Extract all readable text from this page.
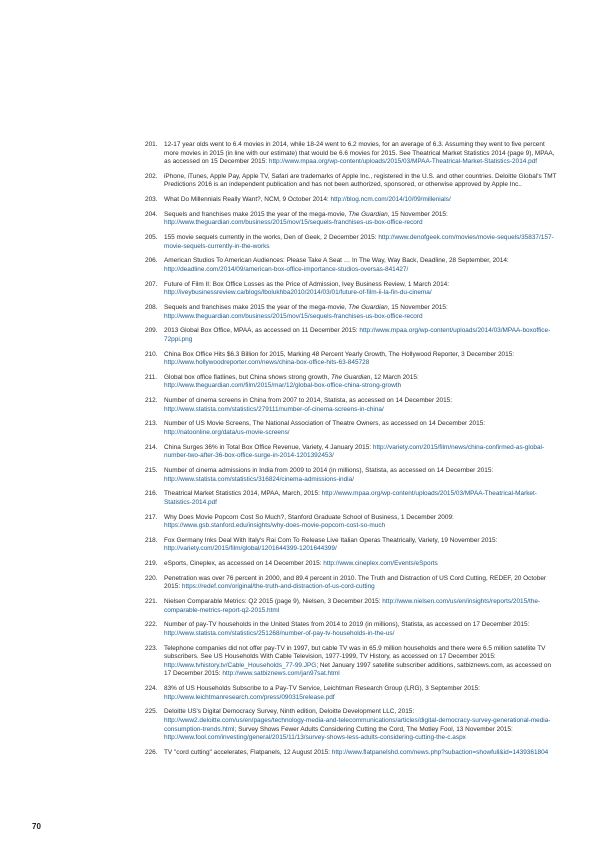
201.	12-17 year olds went to 6.4 movies in 2014, while 18-24 went to 6.2 movies, for an average of 6.3. Assuming they went to five percent more movies in 2015 (in line with our estimate) that would be 6.6 movies for 2015. See Theatrical Market Statistics 2014 (page 9), MPAA, as accessed on 15 December 2015: http://www.mpaa.org/wp-content/uploads/2015/03/MPAA-Theatrical-Market-Statistics-2014.pdf
202.	iPhone, iTunes, Apple Pay, Apple TV, Safari are trademarks of Apple Inc., registered in the U.S. and other countries. Deloitte Global's TMT Predictions 2016 is an independent publication and has not been authorized, sponsored, or otherwise approved by Apple Inc..
203.	What Do Millennials Really Want?, NCM, 9 October 2014: http://blog.ncm.com/2014/10/09/millenials/
204.	Sequels and franchises make 2015 the year of the mega-movie, The Guardian, 15 November 2015: http://www.theguardian.com/business/2015/nov/15/sequels-franchises-us-box-office-record
205.	155 movie sequels currently in the works, Den of Geek, 2 December 2015: http://www.denofgeek.com/movies/movie-sequels/35837/157-movie-sequels-currently-in-the-works
206.	American Studios To American Audiences: Please Take A Seat … In The Way, Way Back, Deadline, 28 September, 2014: http://deadline.com/2014/09/american-box-office-importance-studios-oversas-841427/
207.	Future of Film II: Box Office Losses as the Price of Admission, Ivey Business Review, 1 March 2014: http://iveybusinessreview.ca/blogs/lbolukhba2010/2014/03/01/future-of-film-ii-la-fin-du-cinema/
208.	Sequels and franchises make 2015 the year of the mega-movie, The Guardian, 15 November 2015: http://www.theguardian.com/business/2015/nov/15/sequels-franchises-us-box-office-record
209.	2013 Global Box Office, MPAA, as accessed on 11 December 2015: http://www.mpaa.org/wp-content/uploads/2014/03/MPAA-boxoffice-72ppi.png
210.	China Box Office Hits $6.3 Billion for 2015, Marking 48 Percent Yearly Growth, The Hollywood Reporter, 3 December 2015: http://www.hollywoodreporter.com/news/china-box-office-hits-63-845728
211.	Global box office flatlines, but China shows strong growth, The Guardian, 12 March 2015: http://www.theguardian.com/film/2015/mar/12/global-box-office-china-strong-growth
212.	Number of cinema screens in China from 2007 to 2014, Statista, as accessed on 14 December 2015: http://www.statista.com/statistics/279111/number-of-cinema-screens-in-china/
213.	Number of US Movie Screens, The National Association of Theatre Owners, as accessed on 14 December 2015: http://natoonline.org/data/us-movie-screens/
214.	China Surges 36% in Total Box Office Revenue, Variety, 4 January 2015: http://variety.com/2015/film/news/china-confirmed-as-global-number-two-after-36-box-office-surge-in-2014-1201392453/
215.	Number of cinema admissions in India from 2009 to 2014 (in millions), Statista, as accessed on 14 December 2015: http://www.statista.com/statistics/316824/cinema-admissions-india/
216.	Theatrical Market Statistics 2014, MPAA, March, 2015: http://www.mpaa.org/wp-content/uploads/2015/03/MPAA-Theatrical-Market-Statistics-2014.pdf
217.	Why Does Movie Popcorn Cost So Much?, Stanford Graduate School of Business, 1 December 2009: https://www.gsb.stanford.edu/insights/why-does-movie-popcorn-cost-so-much
218.	Fox Germany Inks Deal With Italy's Rai Com To Release Live Italian Operas Theatrically, Variety, 19 November 2015: http://variety.com/2015/film/global/1201644399-1201644399/
219.	eSports, Cineplex, as accessed on 14 December 2015: http://www.cineplex.com/Events/eSports
220.	Penetration was over 76 percent in 2000, and 89.4 percent in 2010. The Truth and Distraction of US Cord Cutting, REDEF, 20 October 2015: https://redef.com/original/the-truth-and-distraction-of-us-cord-cutting
221.	Nielsen Comparable Metrics: Q2 2015 (page 9), Nielsen, 3 December 2015: http://www.nielsen.com/us/en/insights/reports/2015/the-comparable-metrics-report-q2-2015.html
222.	Number of pay-TV households in the United States from 2014 to 2019 (in millions), Statista, as accessed on 17 December 2015: http://www.statista.com/statistics/251268/number-of-pay-tv-households-in-the-us/
223.	Telephone companies did not offer pay-TV in 1997, but cable TV was in 65.9 million households and there were 6.5 million satellite TV subscribers. See US Households With Cable Television, 1977-1999, TV History, as accessed on 17 December 2015: http://www.tvhistory.tv/Cable_Households_77-99.JPG; Net January 1997 satellite subscriber additions, satbiznews.com, as accessed on 17 December 2015: http://www.satbiznews.com/jan97sat.html
224.	83% of US Households Subscribe to a Pay-TV Service, Leichtman Research Group (LRG), 3 September 2015: http://www.leichtmanresearch.com/press/090315release.pdf
225.	Deloitte US's Digital Democracy Survey, Ninth edition, Deloitte Development LLC, 2015: http://www2.deloitte.com/us/en/pages/technology-media-and-telecommunications/articles/digital-democracy-survey-generational-media-consumption-trends.html; Survey Shows Fewer Adults Considering Cutting the Cord, The Motley Fool, 13 November 2015: http://www.fool.com/investing/general/2015/11/13/survey-shows-less-adults-considering-cutting-the-c.aspx
226.	TV "cord cutting" accelerates, Flatpanels, 12 August 2015: http://www.flatpanelshd.com/news.php?subaction=showfull&id=1439361804
70
